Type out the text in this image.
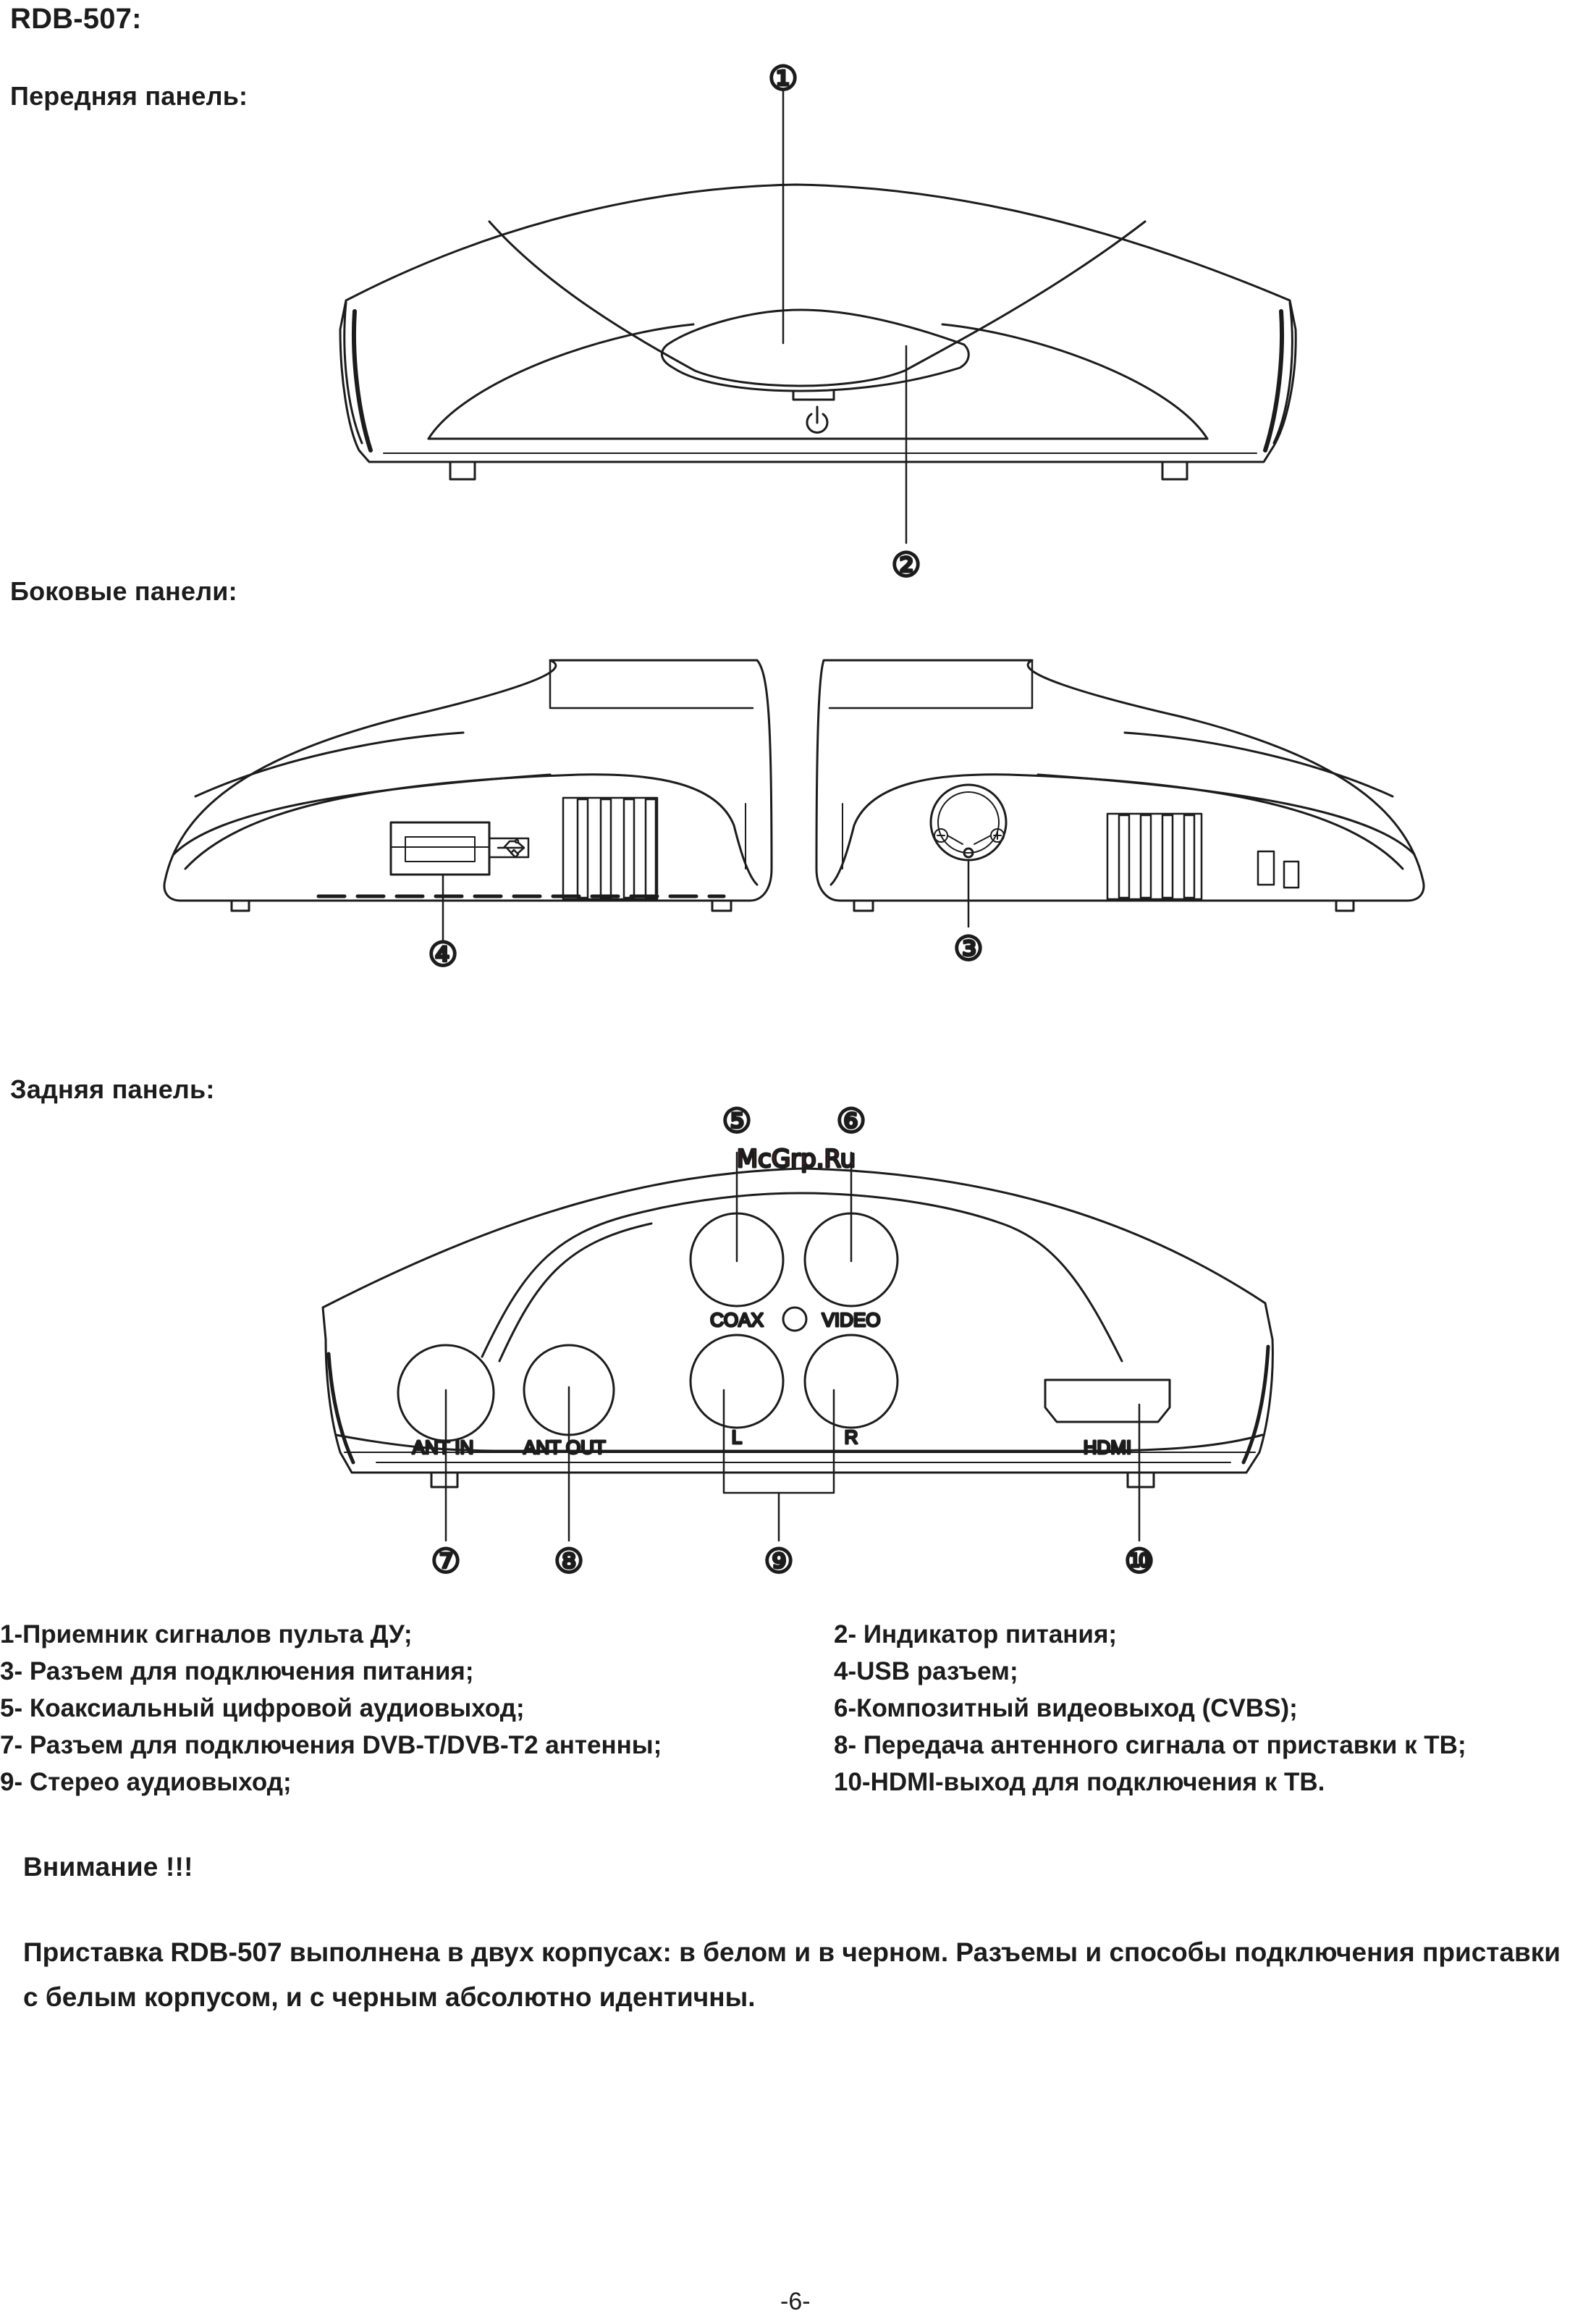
RDB-507:
Передняя панель:
Боковые панели:
Задняя панель:
①
②
④	③
⑤	⑥
McGrp.Ru
COAX	VIDEO
ANT IN	ANT OUT	L	R	HDMI
⑦	⑧	⑨	⑩
1-Приемник сигналов пульта ДУ;
3- Разъем для подключения питания;
5- Коаксиальный цифровой аудиовыход;
7- Разъем для подключения DVB-T/DVB-T2 антенны;
9- Стерео аудиовыход;
2- Индикатор питания;
4-USB разъем;
6-Композитный видеовыход (CVBS);
8- Передача антенного сигнала от приставки к ТВ;
10-HDMI-выход для подключения к ТВ.
Внимание !!!

Приставка RDB-507 выполнена в двух корпусах: в белом и в черном. Разъемы и способы подключения приставки с белым корпусом, и с черным абсолютно идентичны.

-6-
